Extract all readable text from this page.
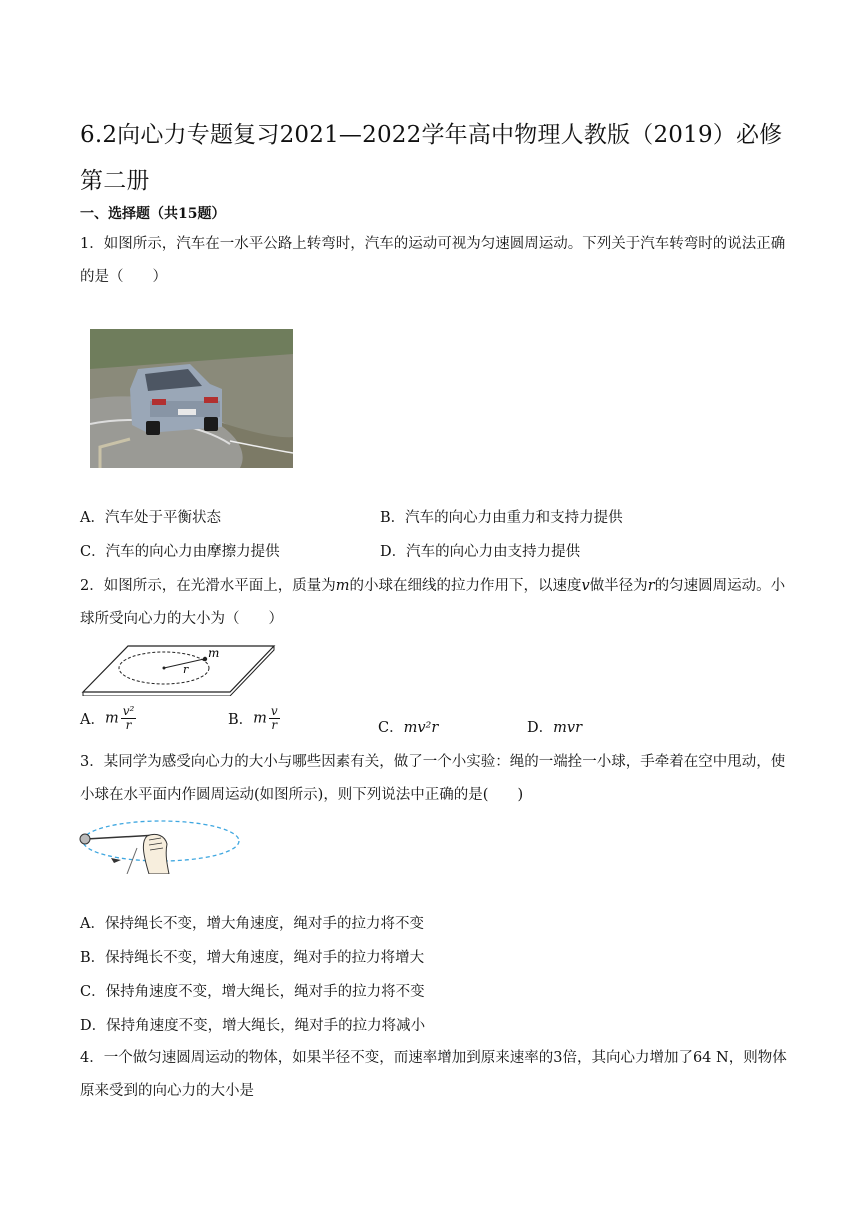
6.2向心力专题复习2021—2022学年高中物理人教版（2019）必修第二册
一、选择题（共15题）
1．如图所示，汽车在一水平公路上转弯时，汽车的运动可视为匀速圆周运动。下列关于汽车转弯时的说法正确的是（　　）
A．汽车处于平衡状态	B．汽车的向心力由重力和支持力提供
C．汽车的向心力由摩擦力提供	D．汽车的向心力由支持力提供
2．如图所示，在光滑水平面上，质量为m的小球在细线的拉力作用下，以速度v做半径为r的匀速圆周运动。小球所受向心力的大小为（　　）
m
r
A．m $\frac{\text{v²}}{r}$	B．m $\frac{v}{r}$	C．mv²r	D．mvr
3．某同学为感受向心力的大小与哪些因素有关，做了一个小实验：绳的一端拴一小球，手牵着在空中甩动，使小球在水平面内作圆周运动(如图所示)，则下列说法中正确的是(　　)
A．保持绳长不变，增大角速度，绳对手的拉力将不变
B．保持绳长不变，增大角速度，绳对手的拉力将增大
C．保持角速度不变，增大绳长，绳对手的拉力将不变
D．保持角速度不变，增大绳长，绳对手的拉力将减小
4．一个做匀速圆周运动的物体，如果半径不变，而速率增加到原来速率的3倍，其向心力增加了64 N，则物体原来受到的向心力的大小是
